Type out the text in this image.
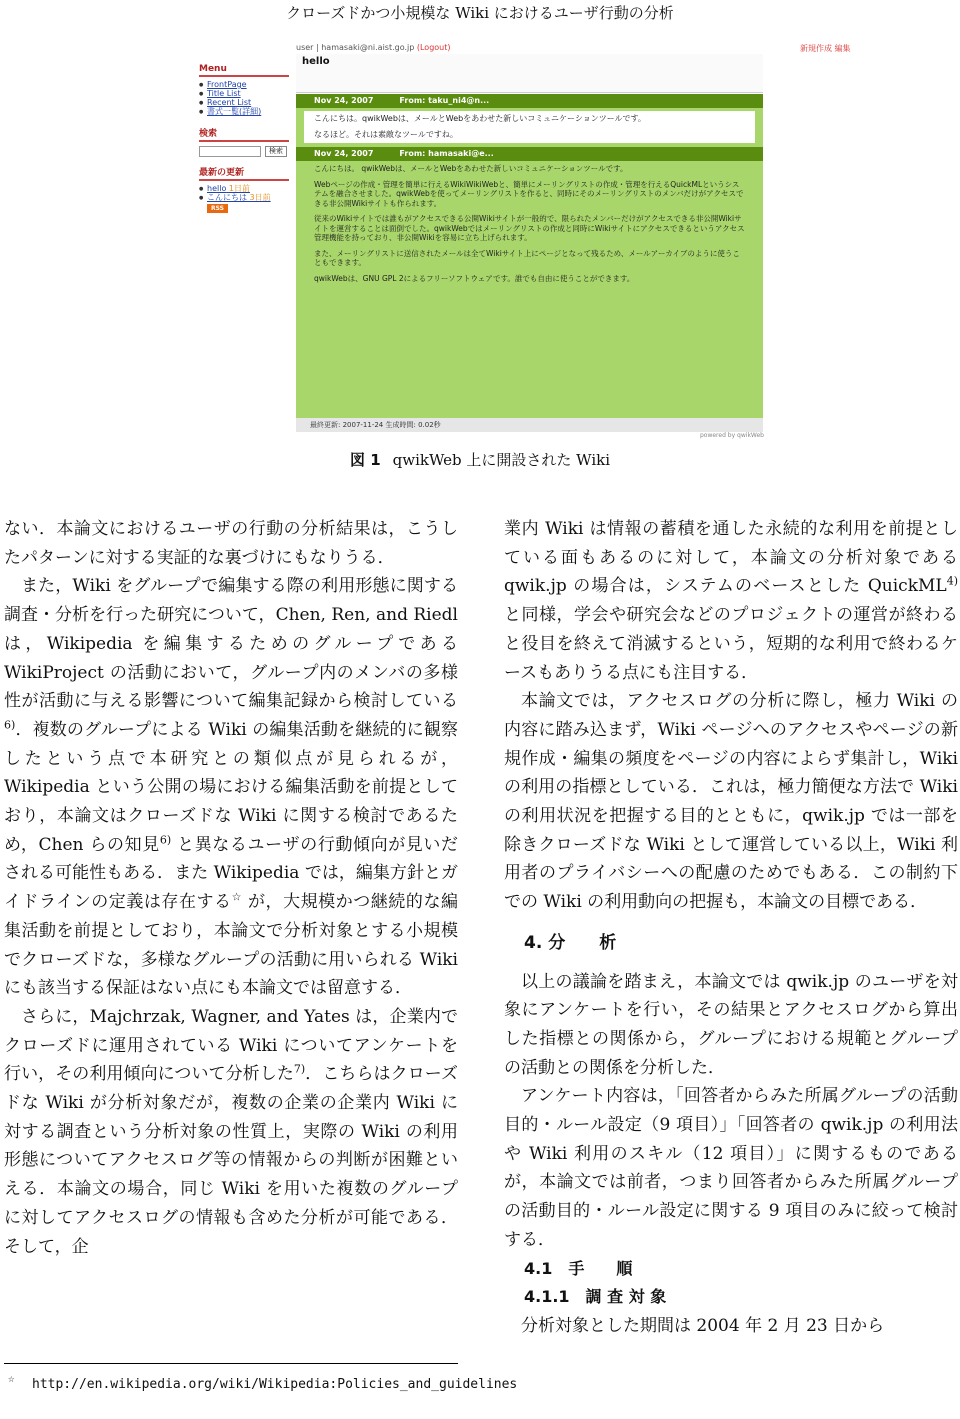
クローズドかつ小規模な Wiki におけるユーザ行動の分析
user | hamasaki@ni.aist.go.jp (Logout)	新規作成 編集
Menu
● FrontPage
● Title List
● Recent List
● 書式一覧(詳細)
検索
検索
最新の更新
● hello 1日前
● こんにちは 3日前
RSS
hello
Nov 24, 2007	From: taku_ni4@n...
こんにちは。qwikWebは、メールとWebをあわせた新しいコミュニケーションツールです。
なるほど。それは素敵なツールですね。
Nov 24, 2007	From: hamasaki@e...

こんにちは。 qwikWebは、メールとWebをあわせた新しいコミュニケーションツールです。

Webページの作成・管理を簡単に行えるWikiWikiWebと、簡単にメーリングリストの作成・管理を行えるQuickMLというシステムを融合させました。qwikWebを使ってメーリングリストを作ると、同時にそのメーリングリストのメンバだけがアクセスできる非公開Wikiサイトも作られます。

従来のWikiサイトでは誰もがアクセスできる公開Wikiサイトが一般的で、限られたメンバーだけがアクセスできる非公開Wikiサイトを運営することは面倒でした。qwikWebではメーリングリストの作成と同時にWikiサイトにアクセスできるというアクセス管理機能を持っており、非公開Wikiを容易に立ち上げられます。

また、メーリングリストに送信されたメールは全てWikiサイト上にページとなって残るため、メールアーカイブのように使うこともできます。

qwikWebは、GNU GPL 2によるフリーソフトウェアです。誰でも自由に使うことができます。

最終更新: 2007-11-24 生成時間: 0.02秒
powered by qwikWeb
図 1 qwikWeb 上に開設された Wiki

ない．本論文におけるユーザの行動の分析結果は，こうしたパターンに対する実証的な裏づけにもなりうる．

また，Wiki をグループで編集する際の利用形態に関する調査・分析を行った研究について，Chen, Ren, and Riedl は，Wikipedia を編集するためのグループである WikiProject の活動において，グループ内のメンバの多様性が活動に与える影響について編集記録から検討している $^{6)}$．複数のグループによる Wiki の編集活動を継続的に観察したという点で本研究との類似点が見られるが，Wikipedia という公開の場における編集活動を前提としており，本論文はクローズドな Wiki に関する検討であるため，Chen らの知見$^{6)}$ と異なるユーザの行動傾向が見いだされる可能性もある．また Wikipedia では，編集方針とガイドラインの定義は存在する☆ が，大規模かつ継続的な編集活動を前提としており，本論文で分析対象とする小規模でクローズドな，多様なグループの活動に用いられる Wiki にも該当する保証はない点にも本論文では留意する．

さらに，Majchrzak, Wagner, and Yates は，企業内でクローズドに運用されている Wiki についてアンケートを行い，その利用傾向について分析した$^{7)}$．こちらはクローズドな Wiki が分析対象だが，複数の企業の企業内 Wiki に対する調査という分析対象の性質上，実際の Wiki の利用形態についてアクセスログ等の情報からの判断が困難といえる．本論文の場合，同じ Wiki を用いた複数のグループに対してアクセスログの情報も含めた分析が可能である．そして，企

☆	http://en.wikipedia.org/wiki/Wikipedia:Policies_and_guidelines

業内 Wiki は情報の蓄積を通した永続的な利用を前提としている面もあるのに対して，本論文の分析対象である qwik.jp の場合は，システムのベースとした QuickML$^{4)}$ と同様，学会や研究会などのプロジェクトの運営が終わると役目を終えて消滅するという，短期的な利用で終わるケースもありうる点にも注目する．

本論文では，アクセスログの分析に際し，極力 Wiki の内容に踏み込まず，Wiki ページへのアクセスやページの新規作成・編集の頻度をページの内容によらず集計し，Wiki の利用の指標としている．これは，極力簡便な方法で Wiki の利用状況を把握する目的とともに，qwik.jp では一部を除きクローズドな Wiki として運営している以上，Wiki 利用者のプライバシーへの配慮のためでもある．この制約下での Wiki の利用動向の把握も，本論文の目標である．

4. 分　　析

以上の議論を踏まえ，本論文では qwik.jp のユーザを対象にアンケートを行い，その結果とアクセスログから算出した指標との関係から，グループにおける規範とグループの活動との関係を分析した．

アンケート内容は，「回答者からみた所属グループの活動目的・ルール設定（9 項目）」「回答者の qwik.jp の利用法や Wiki 利用のスキル（12 項目）」に関するものであるが，本論文では前者，つまり回答者からみた所属グループの活動目的・ルール設定に関する 9 項目のみに絞って検討する．

4.1　手　　順
4.1.1　調 査 対 象

分析対象とした期間は 2004 年 2 月 23 日から
